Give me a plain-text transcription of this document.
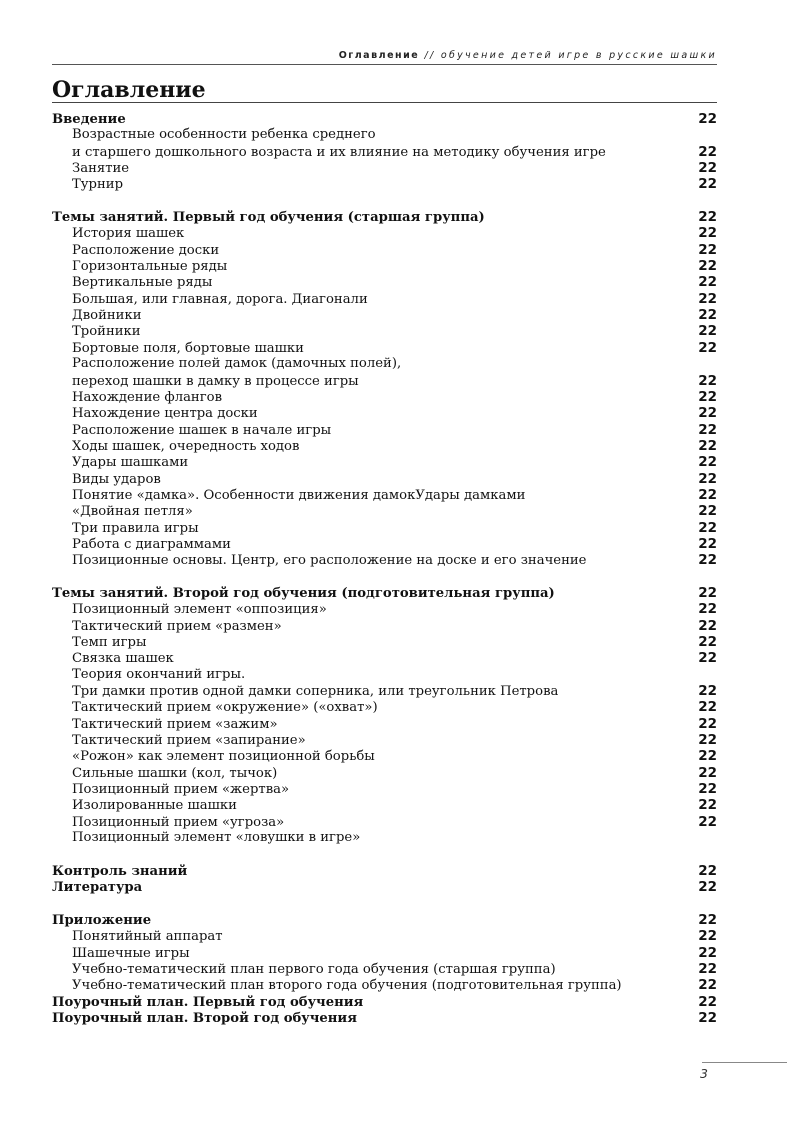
Оглавление // обучение детей игре в русские шашки
Оглавление
Введение	22
Возрастные особенности ребенка среднего
и старшего дошкольного возраста и их влияние на методику обучения игре	22
Занятие	22
Турнир	22
Темы занятий. Первый год обучения (старшая группа)	22
История шашек	22
Расположение доски	22
Горизонтальные ряды	22
Вертикальные ряды	22
Большая, или главная, дорога. Диагонали	22
Двойники	22
Тройники	22
Бортовые поля, бортовые шашки	22
Расположение полей дамок (дамочных полей),
переход шашки в дамку в процессе игры	22
Нахождение флангов	22
Нахождение центра доски	22
Расположение шашек в начале игры	22
Ходы шашек, очередность ходов	22
Удары шашками	22
Виды ударов	22
Понятие «дамка». Особенности движения дамокУдары дамками	22
«Двойная петля»	22
Три правила игры	22
Работа с диаграммами	22
Позиционные основы. Центр, его расположение на доске и его значение	22
Темы занятий. Второй год обучения (подготовительная группа)	22
Позиционный элемент «оппозиция»	22
Тактический прием «размен»	22
Темп игры	22
Связка шашек	22
Теория окончаний игры.
Три дамки против одной дамки соперника, или треугольник Петрова	22
Тактический прием «окружение» («охват»)	22
Тактический прием «зажим»	22
Тактический прием «запирание»	22
«Рожон» как элемент позиционной борьбы	22
Сильные шашки (кол, тычок)	22
Позиционный прием «жертва»	22
Изолированные шашки	22
Позиционный прием «угроза»	22
Позиционный элемент «ловушки в игре»
Контроль знаний	22
Литература	22
Приложение	22
Понятийный аппарат	22
Шашечные игры	22
Учебно-тематический план первого года обучения (старшая группа)	22
Учебно-тематический план второго года обучения (подготовительная группа)	22
Поурочный план. Первый год обучения	22
Поурочный план. Второй год обучения	22
3
